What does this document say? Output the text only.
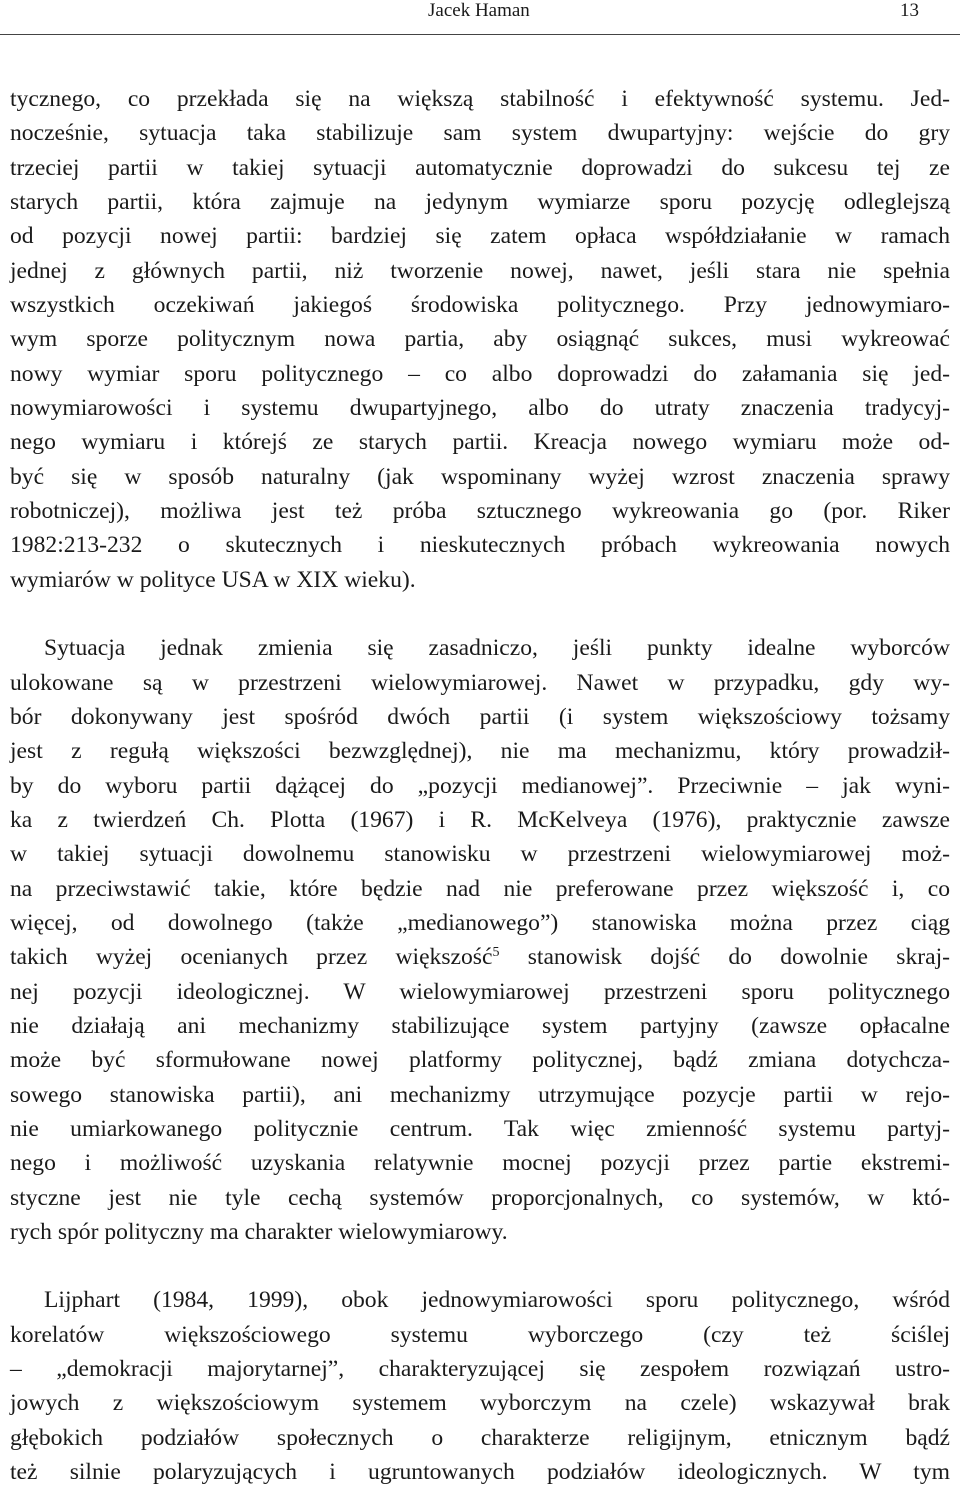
Jacek Haman	13
tycznego, co przekłada się na większą stabilność i efektywność systemu. Jed-
nocześnie, sytuacja taka stabilizuje sam system dwupartyjny: wejście do gry
trzeciej partii w takiej sytuacji automatycznie doprowadzi do sukcesu tej ze
starych partii, która zajmuje na jedynym wymiarze sporu pozycję odleglejszą
od pozycji nowej partii: bardziej się zatem opłaca współdziałanie w ramach
jednej z głównych partii, niż tworzenie nowej, nawet, jeśli stara nie spełnia
wszystkich oczekiwań jakiegoś środowiska politycznego. Przy jednowymiaro-
wym sporze politycznym nowa partia, aby osiągnąć sukces, musi wykreować
nowy wymiar sporu politycznego – co albo doprowadzi do załamania się jed-
nowymiarowości i systemu dwupartyjnego, albo do utraty znaczenia tradycyj-
nego wymiaru i którejś ze starych partii. Kreacja nowego wymiaru może od-
być się w sposób naturalny (jak wspominany wyżej wzrost znaczenia sprawy
robotniczej), możliwa jest też próba sztucznego wykreowania go (por. Riker
1982:213-232 o skutecznych i nieskutecznych próbach wykreowania nowych
wymiarów w polityce USA w XIX wieku).
Sytuacja jednak zmienia się zasadniczo, jeśli punkty idealne wyborców
ulokowane są w przestrzeni wielowymiarowej. Nawet w przypadku, gdy wy-
bór dokonywany jest spośród dwóch partii (i system większościowy tożsamy
jest z regułą większości bezwzględnej), nie ma mechanizmu, który prowadził-
by do wyboru partii dążącej do „pozycji medianowej”. Przeciwnie – jak wyni-
ka z twierdzeń Ch. Plotta (1967) i R. McKelveya (1976), praktycznie zawsze
w takiej sytuacji dowolnemu stanowisku w przestrzeni wielowymiarowej moż-
na przeciwstawić takie, które będzie nad nie preferowane przez większość i, co
więcej, od dowolnego (także „medianowego”) stanowiska można przez ciąg
takich wyżej ocenianych przez większość$^5$ stanowisk dojść do dowolnie skraj-
nej pozycji ideologicznej. W wielowymiarowej przestrzeni sporu politycznego
nie działają ani mechanizmy stabilizujące system partyjny (zawsze opłacalne
może być sformułowane nowej platformy politycznej, bądź zmiana dotychcza-
sowego stanowiska partii), ani mechanizmy utrzymujące pozycje partii w rejo-
nie umiarkowanego politycznie centrum. Tak więc zmienność systemu partyj-
nego i możliwość uzyskania relatywnie mocnej pozycji przez partie ekstremi-
styczne jest nie tyle cechą systemów proporcjonalnych, co systemów, w któ-
rych spór polityczny ma charakter wielowymiarowy.
Lijphart (1984, 1999), obok jednowymiarowości sporu politycznego, wśród
korelatów większościowego systemu wyborczego (czy też ściślej
– „demokracji majorytarnej”, charakteryzującej się zespołem rozwiązań ustro-
jowych z większościowym systemem wyborczym na czele) wskazywał brak
głębokich podziałów społecznych o charakterze religijnym, etnicznym bądź
też silnie polaryzujących i ugruntowanych podziałów ideologicznych. W tym
